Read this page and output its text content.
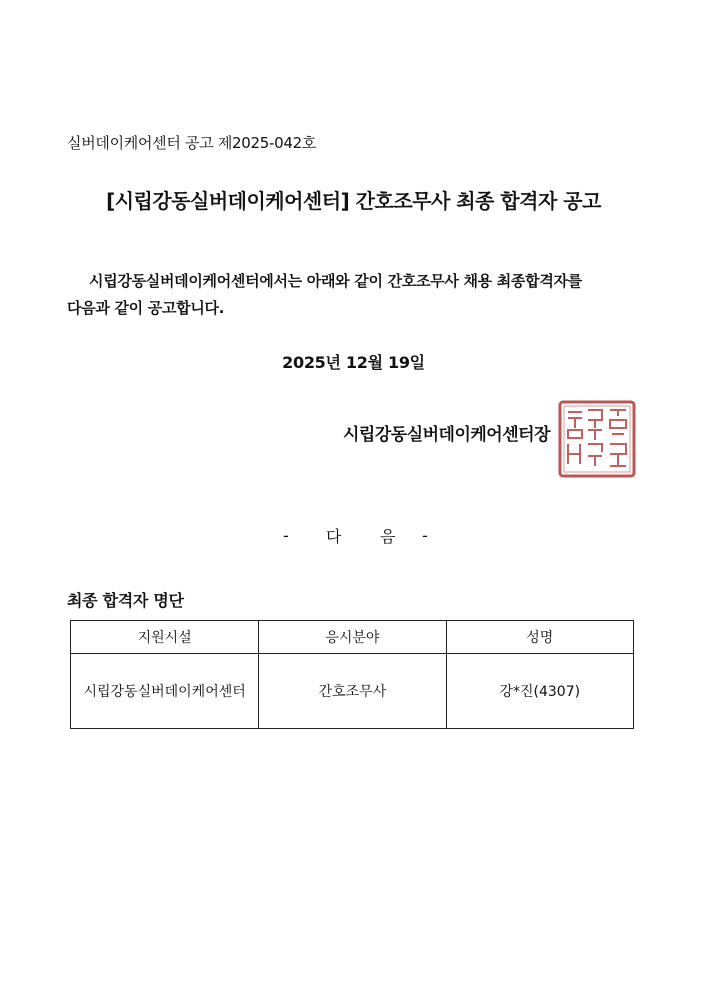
실버데이케어센터 공고 제2025-042호
[시립강동실버데이케어센터] 간호조무사 최종 합격자 공고
시립강동실버데이케어센터에서는 아래와 같이 간호조무사 채용 최종합격자를
다음과 같이 공고합니다.
2025년 12월 19일
시립강동실버데이케어센터장
- 다 음 -
최종 합격자 명단
지원시설	응시분야	성명
시립강동실버데이케어센터	간호조무사	강*진(4307)
